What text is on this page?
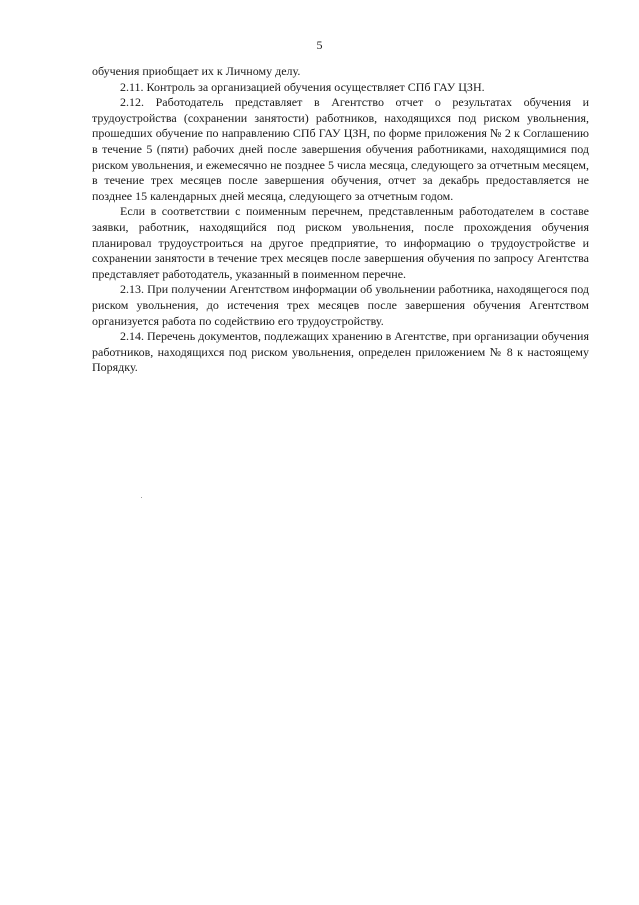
5

обучения приобщает их к Личному делу.

2.11. Контроль за организацией обучения осуществляет СПб ГАУ ЦЗН.

2.12. Работодатель представляет в Агентство отчет о результатах обучения и трудоустройства (сохранении занятости) работников, находящихся под риском увольнения, прошедших обучение по направлению СПб ГАУ ЦЗН, по форме приложения № 2 к Соглашению в течение 5 (пяти) рабочих дней после завершения обучения работниками, находящимися под риском увольнения, и ежемесячно не позднее 5 числа месяца, следующего за отчетным месяцем, в течение трех месяцев после завершения обучения, отчет за декабрь предоставляется не позднее 15 календарных дней месяца, следующего за отчетным годом.

Если в соответствии с поименным перечнем, представленным работодателем в составе заявки, работник, находящийся под риском увольнения, после прохождения обучения планировал трудоустроиться на другое предприятие, то информацию о трудоустройстве и сохранении занятости в течение трех месяцев после завершения обучения по запросу Агентства представляет работодатель, указанный в поименном перечне.

2.13. При получении Агентством информации об увольнении работника, находящегося под риском увольнения, до истечения трех месяцев после завершения обучения Агентством организуется работа по содействию его трудоустройству.

2.14. Перечень документов, подлежащих хранению в Агентстве, при организации обучения работников, находящихся под риском увольнения, определен приложением № 8 к настоящему Порядку.
